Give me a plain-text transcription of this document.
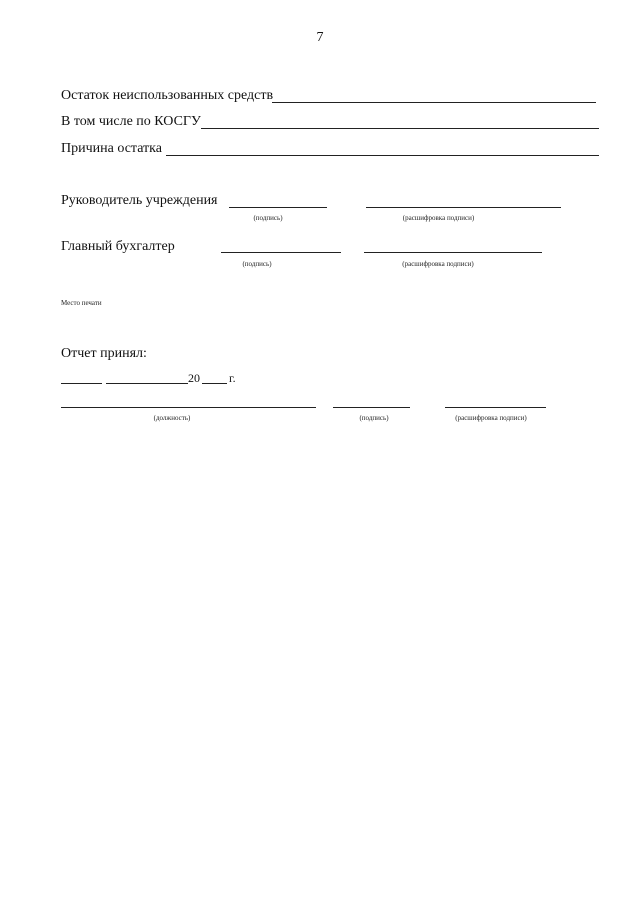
7
Остаток неиспользованных средств
В том числе по КОСГУ
Причина остатка
Руководитель учреждения
(подпись)	(расшифровка подписи)
Главный бухгалтер
(подпись)	(расшифровка подписи)
Место печати
Отчет принял:
20 г.
(должность)	(подпись)	(расшифровка подписи)
